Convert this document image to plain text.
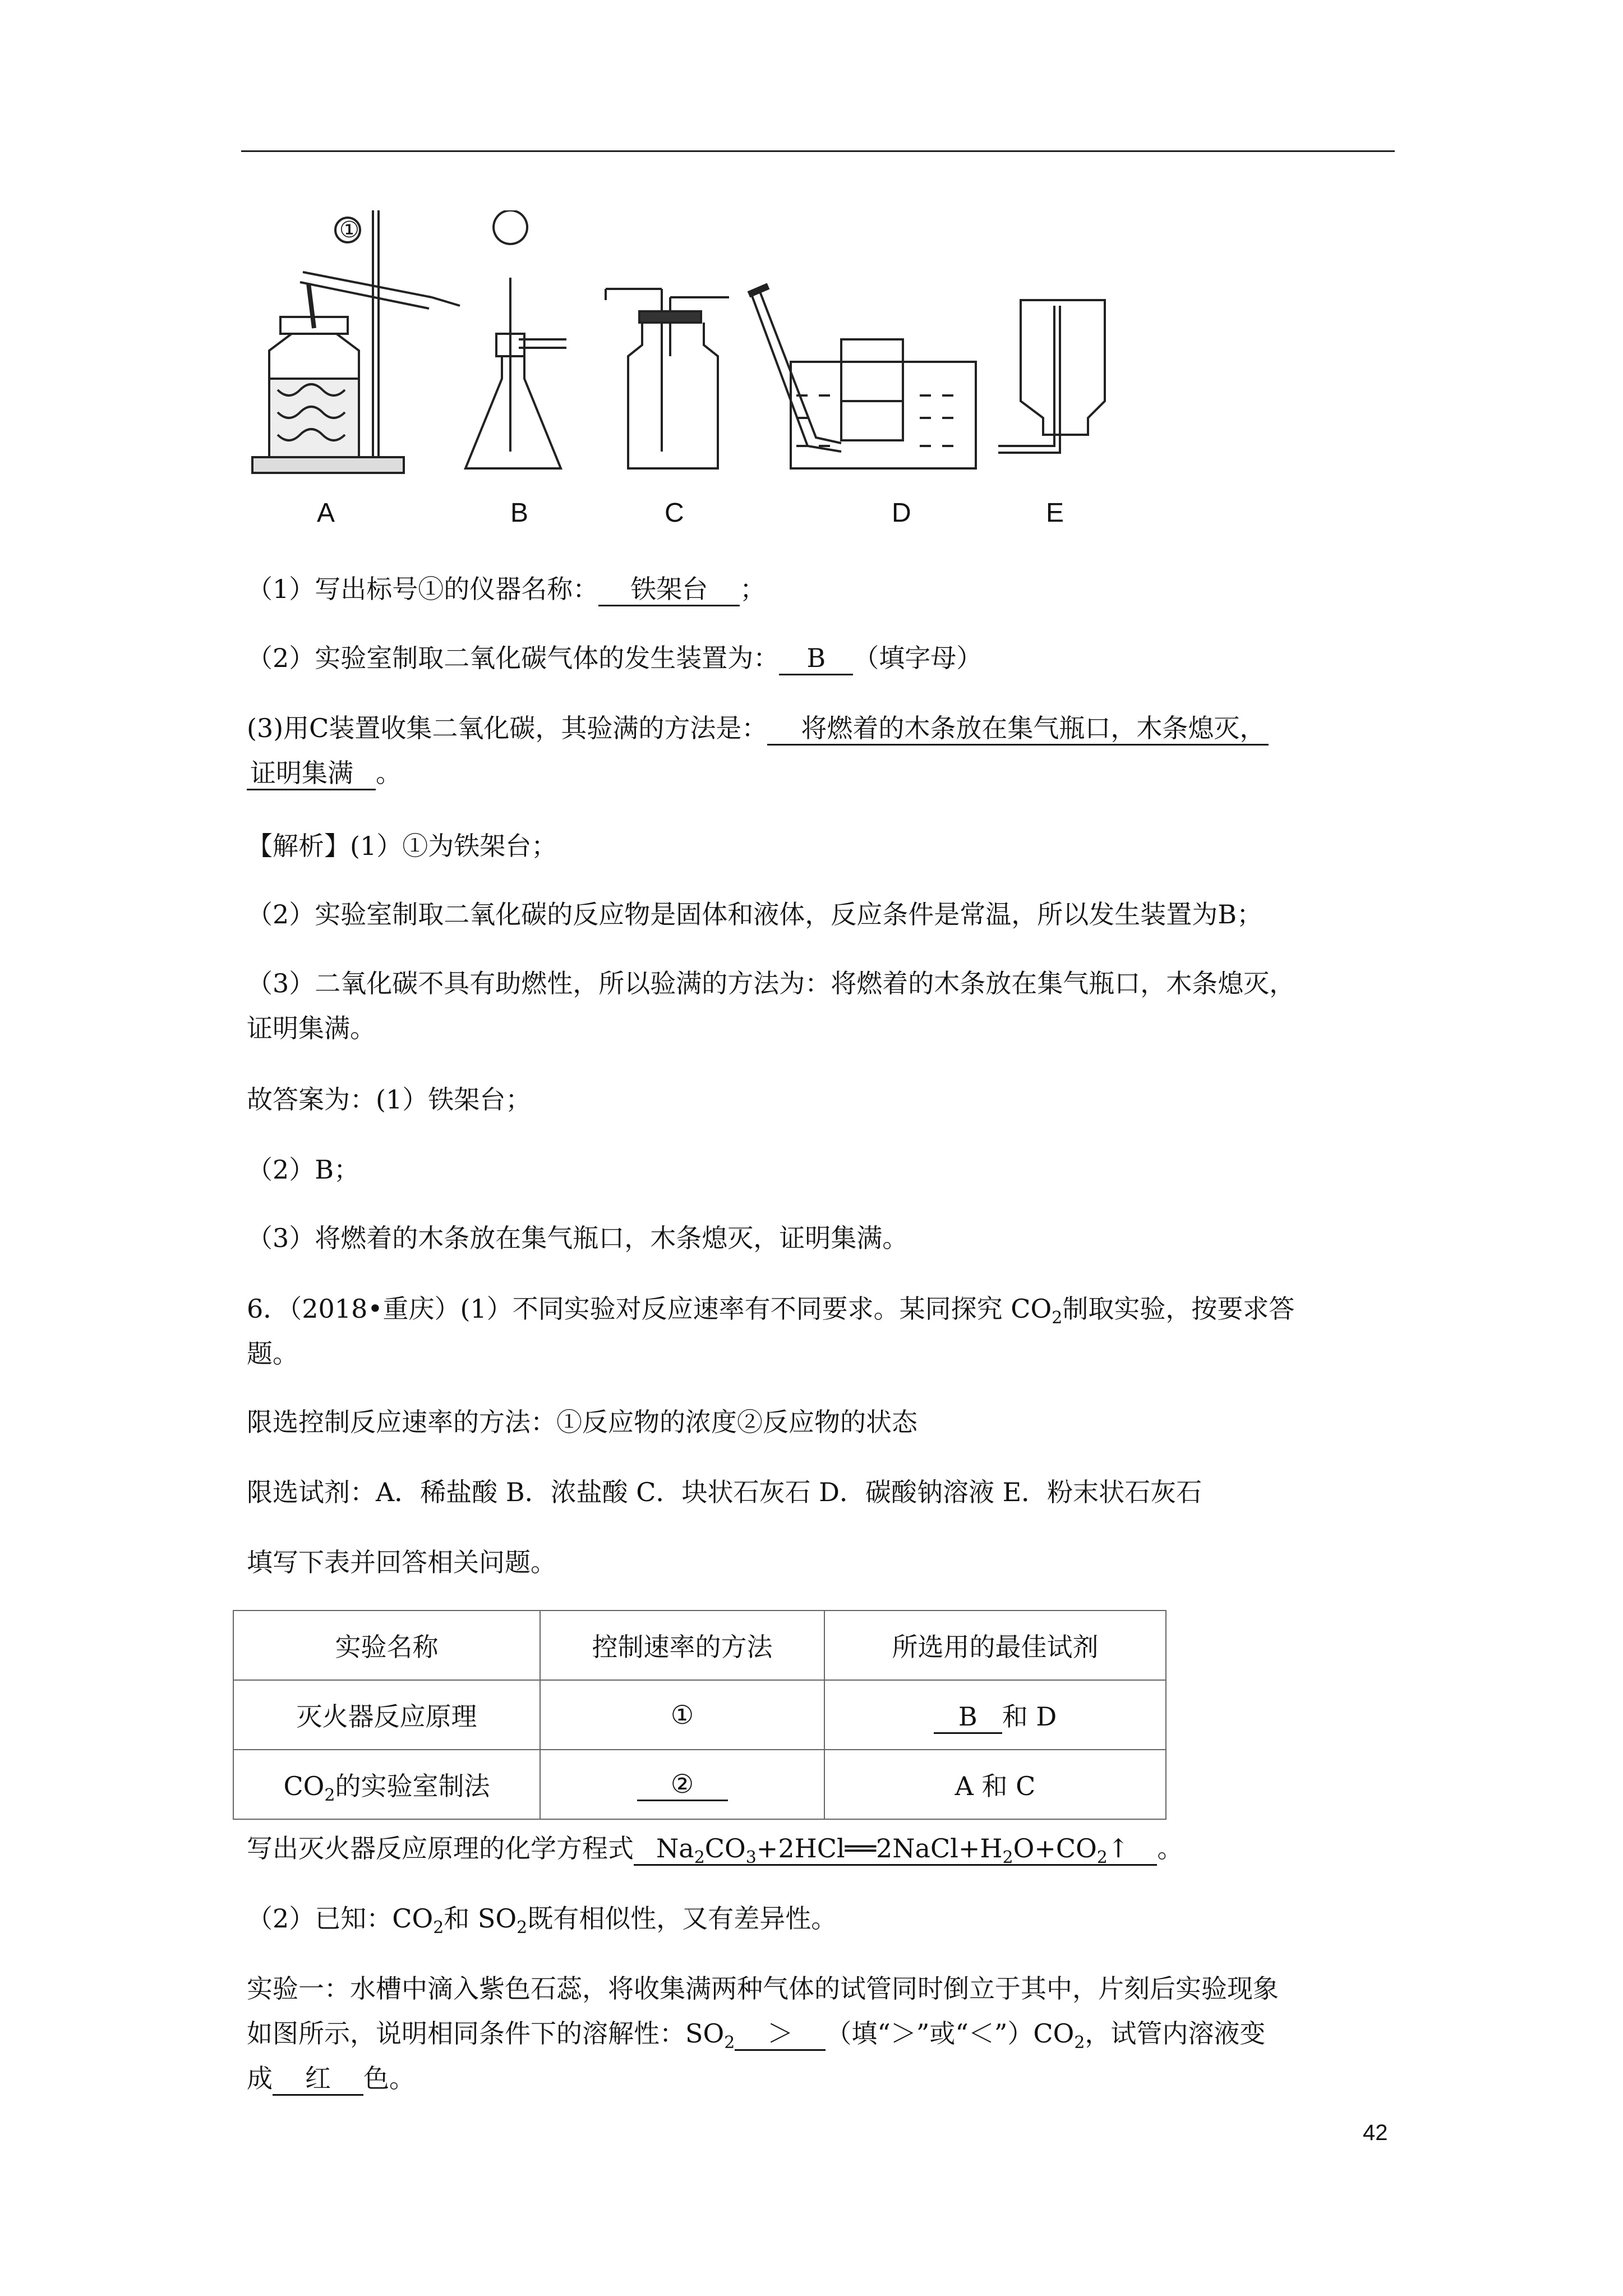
①
A	B	C	D	E
（1）写出标号①的仪器名称： 铁架台 ；
（2）实验室制取二氧化碳气体的发生装置为： B （填字母）
(3)用C装置收集二氧化碳，其验满的方法是： 将燃着的木条放在集气瓶口，木条熄灭，
证明集满 。
【解析】(1）①为铁架台；
（2）实验室制取二氧化碳的反应物是固体和液体，反应条件是常温，所以发生装置为B；
（3）二氧化碳不具有助燃性，所以验满的方法为：将燃着的木条放在集气瓶口，木条熄灭，
证明集满。
故答案为：(1）铁架台；
（2）B；
（3）将燃着的木条放在集气瓶口，木条熄灭，证明集满。
6．（2018•重庆）(1）不同实验对反应速率有不同要求。某同探究 $CO_2$制取实验，按要求答
题。
限选控制反应速率的方法：①反应物的浓度②反应物的状态
限选试剂：A．稀盐酸 B．浓盐酸 C．块状石灰石 D．碳酸钠溶液 E．粉末状石灰石
填写下表并回答相关问题。
实验名称	控制速率的方法	所选用的最佳试剂
灭火器反应原理	①	B 和 D
$CO_2$的实验室制法	②	A 和 C
写出灭火器反应原理的化学方程式 $Na_2CO_3+2HCl══2NaCl+H_2O+CO_2↑$ 。
（2）已知：$CO_2$和 $SO_2$既有相似性，又有差异性。
实验一：水槽中滴入紫色石蕊，将收集满两种气体的试管同时倒立于其中，片刻后实验现象
如图所示，说明相同条件下的溶解性：$SO_2$ ＞ （填“＞”或“$<”)CO_2$，试管内溶液变
成 红 色。
42
